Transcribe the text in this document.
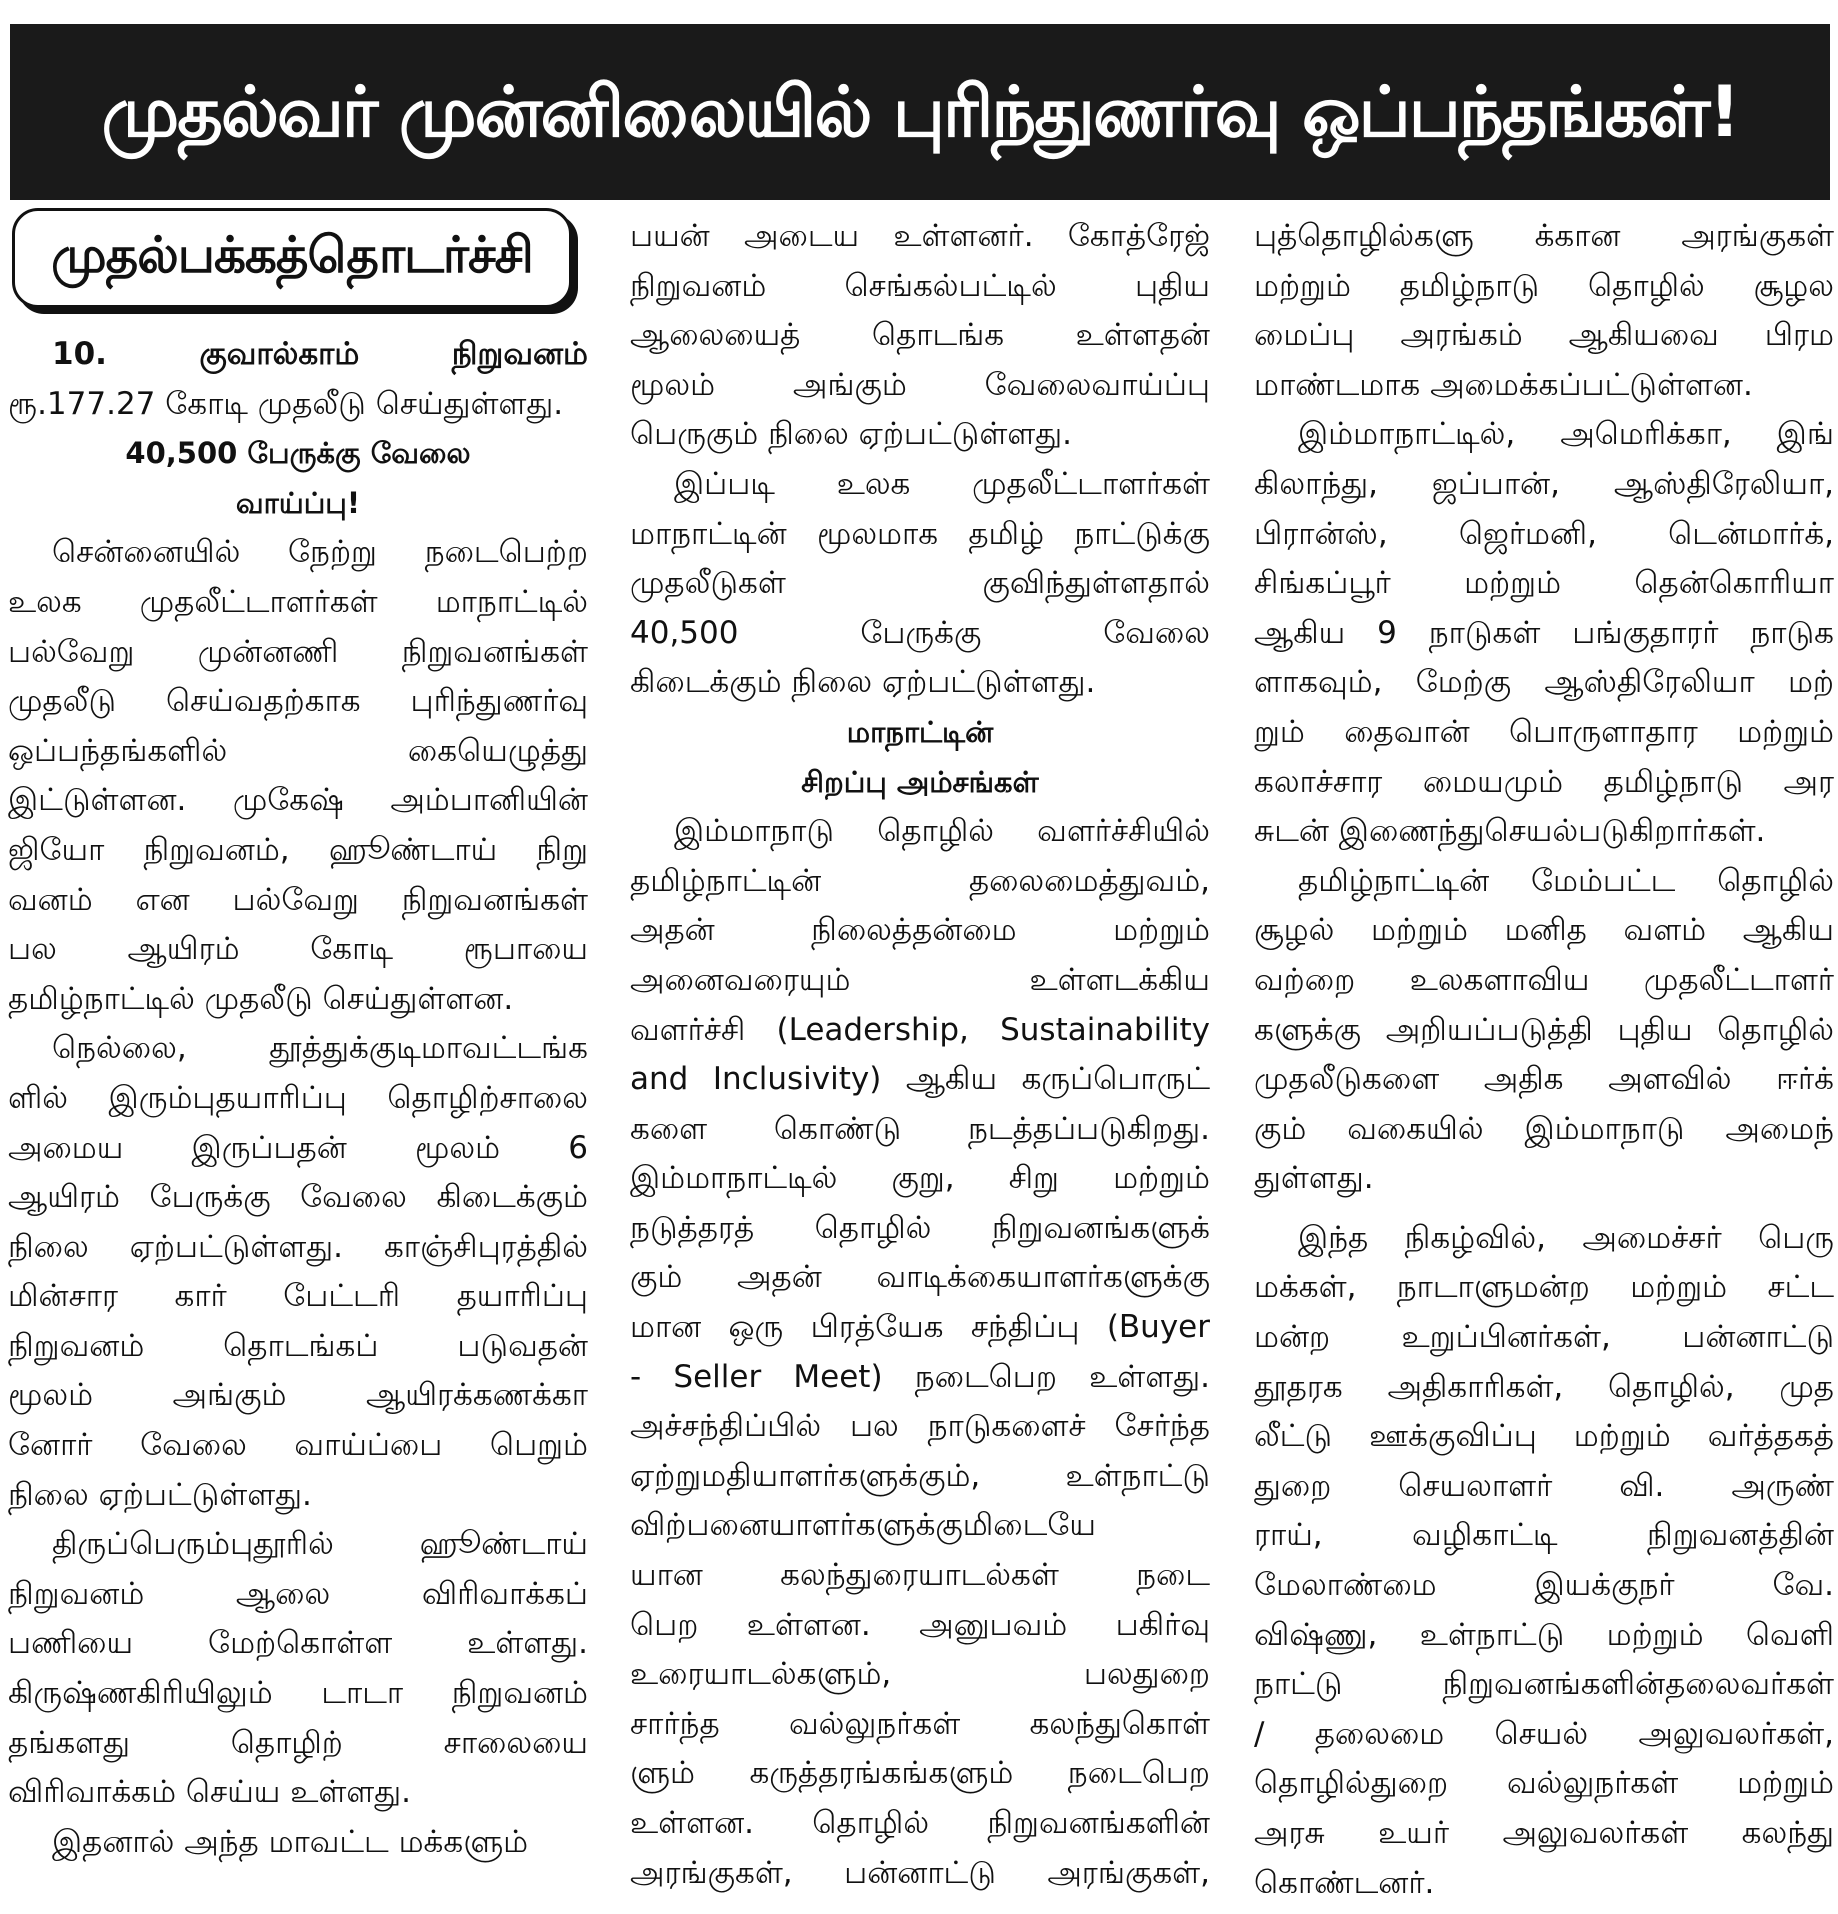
முதல்வர் முன்னிலையில் புரிந்துணர்வு ஒப்பந்தங்கள்!
முதல்பக்கத்தொடர்ச்சி

10. குவால்காம் நிறுவனம்

ரூ.177.27 கோடி முதலீடு செய்துள்ளது.

40,500 பேருக்கு வேலை

வாய்ப்பு!

சென்னையில் நேற்று நடைபெற்ற

உலக முதலீட்டாளர்கள் மாநாட்டில்

பல்வேறு முன்னணி நிறுவனங்கள்

முதலீடு செய்வதற்காக புரிந்துணர்வு

ஒப்பந்தங்களில் கையெழுத்து

இட்டுள்ளன. முகேஷ் அம்பானியின்

ஜியோ நிறுவனம், ஹூண்டாய் நிறு

வனம் என பல்வேறு நிறுவனங்கள்

பல ஆயிரம் கோடி ரூபாயை

தமிழ்நாட்டில் முதலீடு செய்துள்ளன.

நெல்லை, தூத்துக்குடிமாவட்டங்க

ளில் இரும்புதயாரிப்பு தொழிற்சாலை

அமைய இருப்பதன் மூலம் 6

ஆயிரம் பேருக்கு வேலை கிடைக்கும்

நிலை ஏற்பட்டுள்ளது. காஞ்சிபுரத்தில்

மின்சார கார் பேட்டரி தயாரிப்பு

நிறுவனம் தொடங்கப் படுவதன்

மூலம் அங்கும் ஆயிரக்கணக்கா

னோர் வேலை வாய்ப்பை பெறும்

நிலை ஏற்பட்டுள்ளது.

திருப்பெரும்புதூரில் ஹூண்டாய்

நிறுவனம் ஆலை விரிவாக்கப்

பணியை மேற்கொள்ள உள்ளது.

கிருஷ்ணகிரியிலும் டாடா நிறுவனம்

தங்களது தொழிற் சாலையை

விரிவாக்கம் செய்ய உள்ளது.

இதனால் அந்த மாவட்ட மக்களும்

பயன் அடைய உள்ளனர். கோத்ரேஜ்

நிறுவனம் செங்கல்பட்டில் புதிய

ஆலையைத் தொடங்க உள்ளதன்

மூலம் அங்கும் வேலைவாய்ப்பு

பெருகும் நிலை ஏற்பட்டுள்ளது.

இப்படி உலக முதலீட்டாளர்கள்

மாநாட்டின் மூலமாக தமிழ் நாட்டுக்கு

முதலீடுகள் குவிந்துள்ளதால்

40,500 பேருக்கு வேலை

கிடைக்கும் நிலை ஏற்பட்டுள்ளது.

மாநாட்டின்

சிறப்பு அம்சங்கள்

இம்மாநாடு தொழில் வளர்ச்சியில்

தமிழ்நாட்டின் தலைமைத்துவம்,

அதன் நிலைத்தன்மை மற்றும்

அனைவரையும் உள்ளடக்கிய

வளர்ச்சி (Leadership, Sustainability

and Inclusivity) ஆகிய கருப்பொருட்

களை கொண்டு நடத்தப்படுகிறது.

இம்மாநாட்டில் குறு, சிறு மற்றும்

நடுத்தரத் தொழில் நிறுவனங்களுக்

கும் அதன் வாடிக்கையாளர்களுக்கு

மான ஒரு பிரத்யேக சந்திப்பு (Buyer

- Seller Meet) நடைபெற உள்ளது.

அச்சந்திப்பில் பல நாடுகளைச் சேர்ந்த

ஏற்றுமதியாளர்களுக்கும், உள்நாட்டு

விற்பனையாளர்களுக்குமிடையே

யான கலந்துரையாடல்கள் நடை

பெற உள்ளன. அனுபவம் பகிர்வு

உரையாடல்களும், பலதுறை

சார்ந்த வல்லுநர்கள் கலந்துகொள்

ளும் கருத்தரங்கங்களும் நடைபெற

உள்ளன. தொழில் நிறுவனங்களின்

அரங்குகள், பன்னாட்டு அரங்குகள்,

புத்தொழில்களு க்கான அரங்குகள்

மற்றும் தமிழ்நாடு தொழில் சூழல

மைப்பு அரங்கம் ஆகியவை பிரம

மாண்டமாக அமைக்கப்பட்டுள்ளன.

இம்மாநாட்டில், அமெரிக்கா, இங்

கிலாந்து, ஜப்பான், ஆஸ்திரேலியா,

பிரான்ஸ், ஜெர்மனி, டென்மார்க்,

சிங்கப்பூர் மற்றும் தென்கொரியா

ஆகிய 9 நாடுகள் பங்குதாரர் நாடுக

ளாகவும், மேற்கு ஆஸ்திரேலியா மற்

றும் தைவான் பொருளாதார மற்றும்

கலாச்சார மையமும் தமிழ்நாடு அர

சுடன் இணைந்துசெயல்படுகிறார்கள்.

தமிழ்நாட்டின் மேம்பட்ட தொழில்

சூழல் மற்றும் மனித வளம் ஆகிய

வற்றை உலகளாவிய முதலீட்டாளர்

களுக்கு அறியப்படுத்தி புதிய தொழில்

முதலீடுகளை அதிக அளவில் ஈர்க்

கும் வகையில் இம்மாநாடு அமைந்

துள்ளது.

இந்த நிகழ்வில், அமைச்சர் பெரு

மக்கள், நாடாளுமன்ற மற்றும் சட்ட

மன்ற உறுப்பினர்கள், பன்னாட்டு

தூதரக அதிகாரிகள், தொழில், முத

லீட்டு ஊக்குவிப்பு மற்றும் வர்த்தகத்

துறை செயலாளர் வி. அருண்

ராய், வழிகாட்டி நிறுவனத்தின்

மேலாண்மை இயக்குநர் வே.

விஷ்ணு, உள்நாட்டு மற்றும் வெளி

நாட்டு நிறுவனங்களின்தலைவர்கள்

/ தலைமை செயல் அலுவலர்கள்,

தொழில்துறை வல்லுநர்கள் மற்றும்

அரசு உயர் அலுவலர்கள் கலந்து

கொண்டனர்.
